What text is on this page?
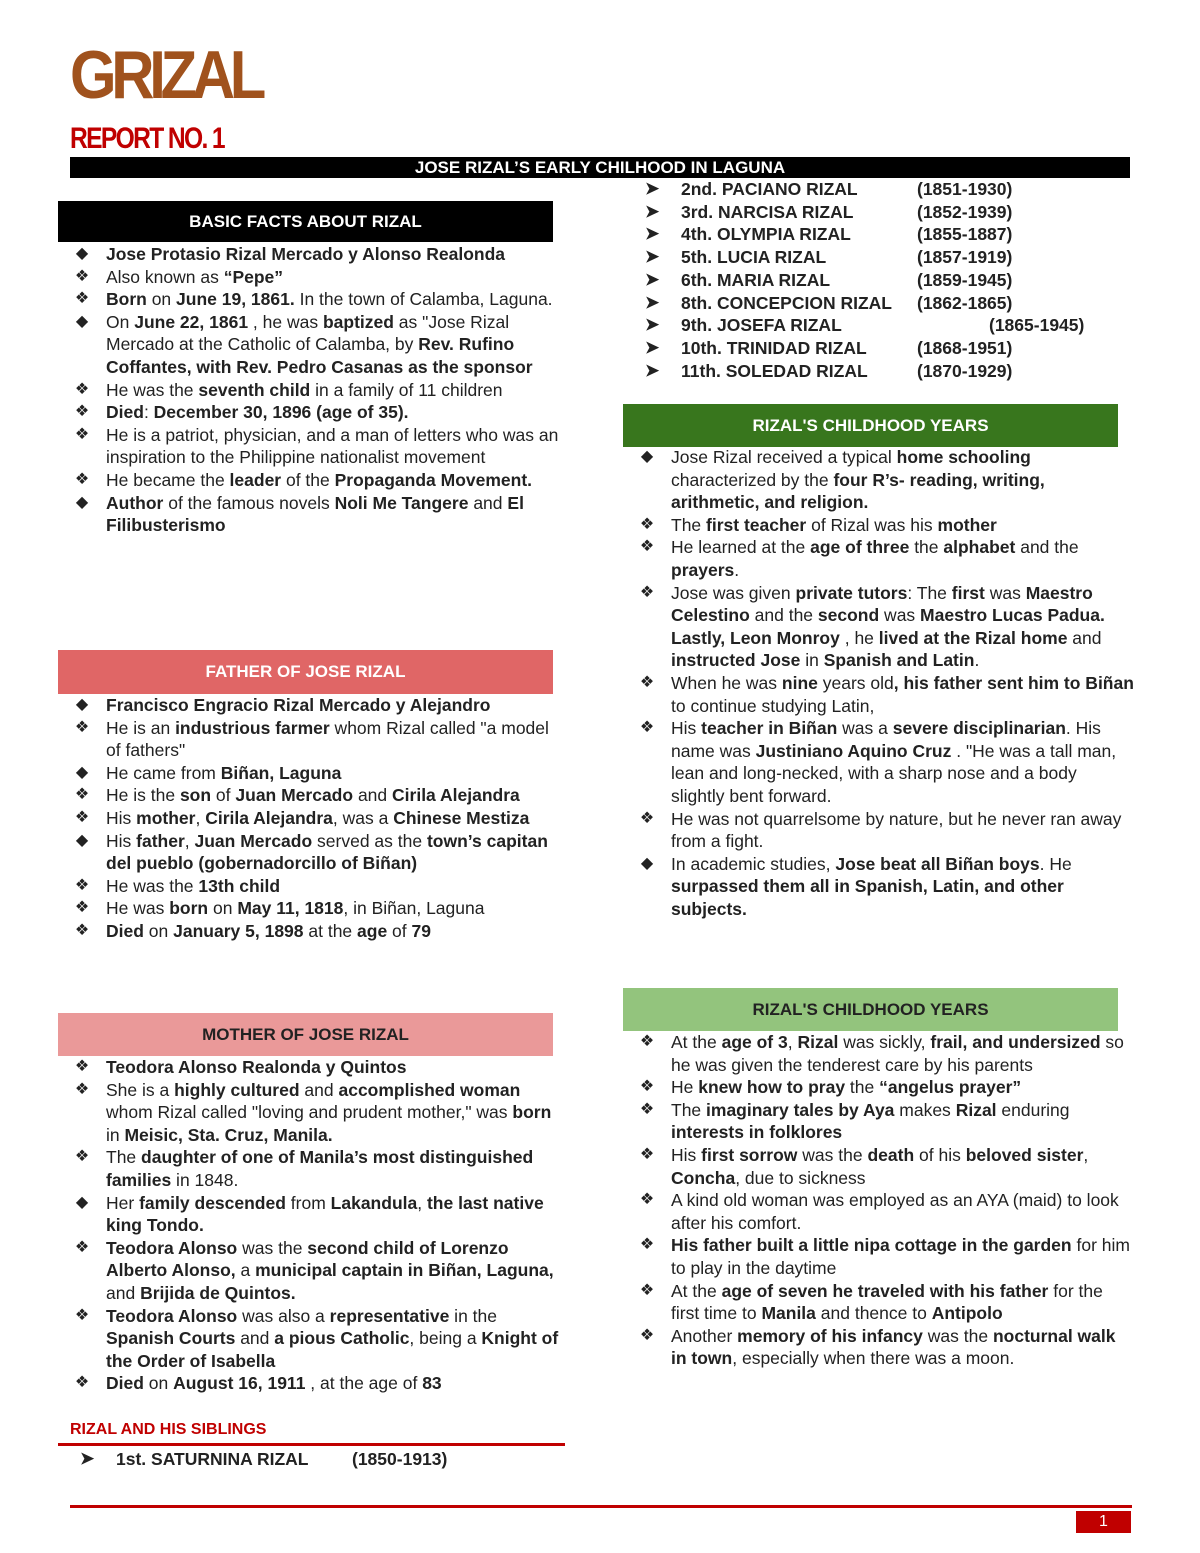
GRIZAL
REPORT NO. 1
JOSE RIZAL’S EARLY CHILHOOD IN LAGUNA
BASIC FACTS ABOUT RIZAL
◆	Jose Protasio Rizal Mercado y Alonso Realonda
❖ Also known as “Pepe”
❖ Born on June 19, 1861. In the town of Calamba, Laguna.
◆	On June 22, 1861 , he was baptized as "Jose Rizal Mercado at the Catholic of Calamba, by Rev. Rufino Coffantes, with Rev. Pedro Casanas as the sponsor
❖ He was the seventh child in a family of 11 children
❖ Died: December 30, 1896 (age of 35).
❖ He is a patriot, physician, and a man of letters who was an inspiration to the Philippine nationalist movement
❖ He became the leader of the Propaganda Movement.
◆	Author of the famous novels Noli Me Tangere and El Filibusterismo
FATHER OF JOSE RIZAL
◆	Francisco Engracio Rizal Mercado y Alejandro
❖ He is an industrious farmer whom Rizal called "a model of fathers"
◆	He came from Biñan, Laguna
❖ He is the son of Juan Mercado and Cirila Alejandra
❖ His mother, Cirila Alejandra, was a Chinese Mestiza
◆	His father, Juan Mercado served as the town’s capitan del pueblo (gobernadorcillo of Biñan)
❖ He was the 13th child
❖ He was born on May 11, 1818, in Biñan, Laguna
❖ Died on January 5, 1898 at the age of 79
MOTHER OF JOSE RIZAL
❖ Teodora Alonso Realonda y Quintos
❖ She is a highly cultured and accomplished woman whom Rizal called "loving and prudent mother," was born in Meisic, Sta. Cruz, Manila.
❖ The daughter of one of Manila’s most distinguished families in 1848.
◆	Her family descended from Lakandula, the last native king Tondo.
❖ Teodora Alonso was the second child of Lorenzo Alberto Alonso, a municipal captain in Biñan, Laguna, and Brijida de Quintos.
❖ Teodora Alonso was also a representative in the Spanish Courts and a pious Catholic, being a Knight of the Order of Isabella
❖ Died on August 16, 1911 , at the age of 83
RIZAL AND HIS SIBLINGS
➤	1st. SATURNINA RIZAL (1850-1913)
➤	2nd. PACIANO RIZAL	(1851-1930)
➤	3rd. NARCISA RIZAL	(1852-1939)
➤	4th. OLYMPIA RIZAL	(1855-1887)
➤	5th. LUCIA RIZAL	(1857-1919)
➤	6th. MARIA RIZAL	(1859-1945)
➤	8th. CONCEPCION RIZAL (1862-1865)
➤	9th. JOSEFA RIZAL	(1865-1945)
➤	10th. TRINIDAD RIZAL	(1868-1951)
➤	11th. SOLEDAD RIZAL	(1870-1929)
RIZAL'S CHILDHOOD YEARS
◆	Jose Rizal received a typical home schooling characterized by the four R’s- reading, writing, arithmetic, and religion.
❖ The first teacher of Rizal was his mother
❖ He learned at the age of three the alphabet and the prayers.
❖ Jose was given private tutors: The first was Maestro Celestino and the second was Maestro Lucas Padua. Lastly, Leon Monroy , he lived at the Rizal home and instructed Jose in Spanish and Latin.
❖ When he was nine years old, his father sent him to Biñan to continue studying Latin,
❖ His teacher in Biñan was a severe disciplinarian. His name was Justiniano Aquino Cruz . "He was a tall man, lean and long-necked, with a sharp nose and a body slightly bent forward.
❖ He was not quarrelsome by nature, but he never ran away from a fight.
◆	In academic studies, Jose beat all Biñan boys. He surpassed them all in Spanish, Latin, and other subjects.
RIZAL'S CHILDHOOD YEARS
❖ At the age of 3, Rizal was sickly, frail, and undersized so he was given the tenderest care by his parents
❖ He knew how to pray the “angelus prayer”
❖ The imaginary tales by Aya makes Rizal enduring interests in folklores
❖ His first sorrow was the death of his beloved sister, Concha, due to sickness
❖ A kind old woman was employed as an AYA (maid) to look after his comfort.
❖ His father built a little nipa cottage in the garden for him to play in the daytime
❖ At the age of seven he traveled with his father for the first time to Manila and thence to Antipolo
❖ Another memory of his infancy was the nocturnal walk in town, especially when there was a moon.
1
